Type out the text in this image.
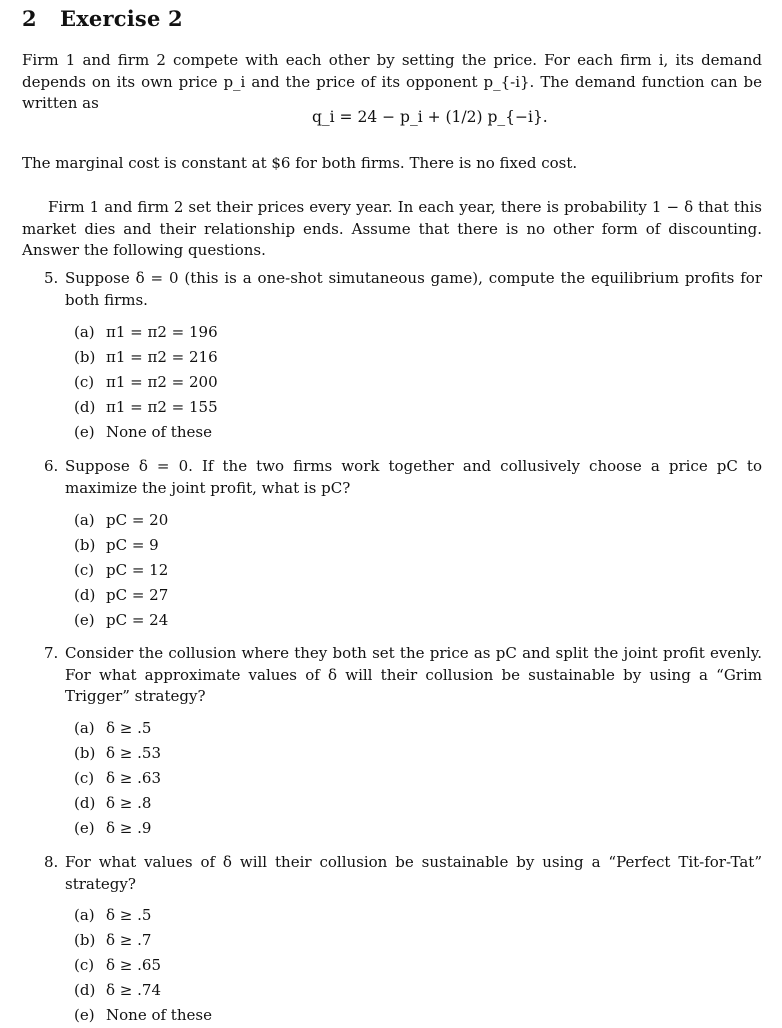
2 Exercise 2
Firm 1 and firm 2 compete with each other by setting the price. For each firm i, its demand depends on its own price p_i and the price of its opponent p_{-i}. The demand function can be written as
q_i = 24 − p_i + (1/2) p_{−i}.
The marginal cost is constant at $6 for both firms. There is no fixed cost.
Firm 1 and firm 2 set their prices every year. In each year, there is probability 1 − δ that this market dies and their relationship ends. Assume that there is no other form of discounting. Answer the following questions.
5. Suppose δ = 0 (this is a one-shot simutaneous game), compute the equilibrium profits for both firms.
(a) π1 = π2 = 196
(b) π1 = π2 = 216
(c) π1 = π2 = 200
(d) π1 = π2 = 155
(e) None of these
6. Suppose δ = 0. If the two firms work together and collusively choose a price pC to maximize the joint profit, what is pC?
(a) pC = 20
(b) pC = 9
(c) pC = 12
(d) pC = 27
(e) pC = 24
7. Consider the collusion where they both set the price as pC and split the joint profit evenly. For what approximate values of δ will their collusion be sustainable by using a “Grim Trigger” strategy?
(a) δ ≥ .5
(b) δ ≥ .53
(c) δ ≥ .63
(d) δ ≥ .8
(e) δ ≥ .9
8. For what values of δ will their collusion be sustainable by using a “Perfect Tit-for-Tat” strategy?
(a) δ ≥ .5
(b) δ ≥ .7
(c) δ ≥ .65
(d) δ ≥ .74
(e) None of these
